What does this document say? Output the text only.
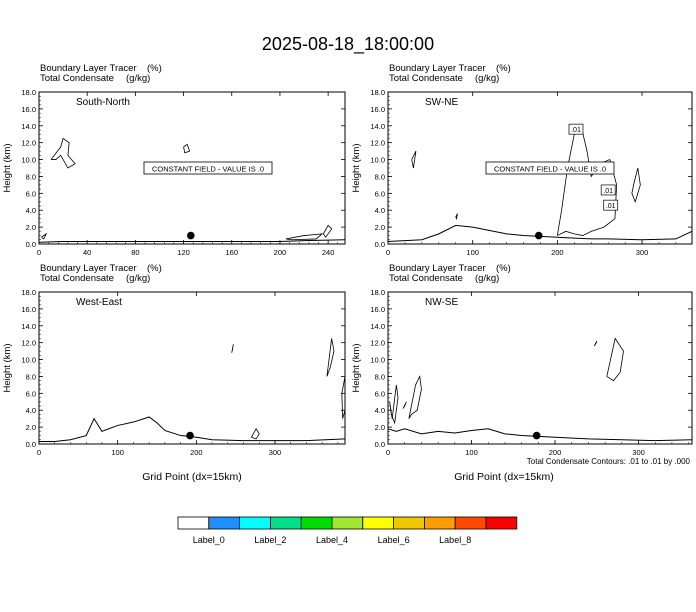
2025-08-18_18:00:00
Boundary Layer Tracer (%)
Total Condensate (g/kg)
0.0
2.0
4.0
6.0
8.0
10.0
12.0
14.0
16.0
18.0
0	40	80	120	160	200	240
Height (km)
South-North
CONSTANT FIELD - VALUE IS .0
Boundary Layer Tracer (%)
Total Condensate (g/kg)
0.0
2.0
4.0
6.0
8.0
10.0
12.0
14.0
16.0
18.0
0	100	200	300
Height (km)
SW-NE
.01
.01
.01
CONSTANT FIELD - VALUE IS .0
Boundary Layer Tracer (%)
Total Condensate (g/kg)
0.0
2.0
4.0
6.0
8.0
10.0
12.0
14.0
16.0
18.0
0	100	200	300
Height (km)
Grid Point (dx=15km)
West-East
Boundary Layer Tracer (%)
Total Condensate (g/kg)
0.0
2.0
4.0
6.0
8.0
10.0
12.0
14.0
16.0
18.0
0	100	200	300
Height (km)
Grid Point (dx=15km)
NW-SE
Total Condensate Contours: .01 to .01 by .000
Label_0	Label_2	Label_4	Label_6	Label_8
